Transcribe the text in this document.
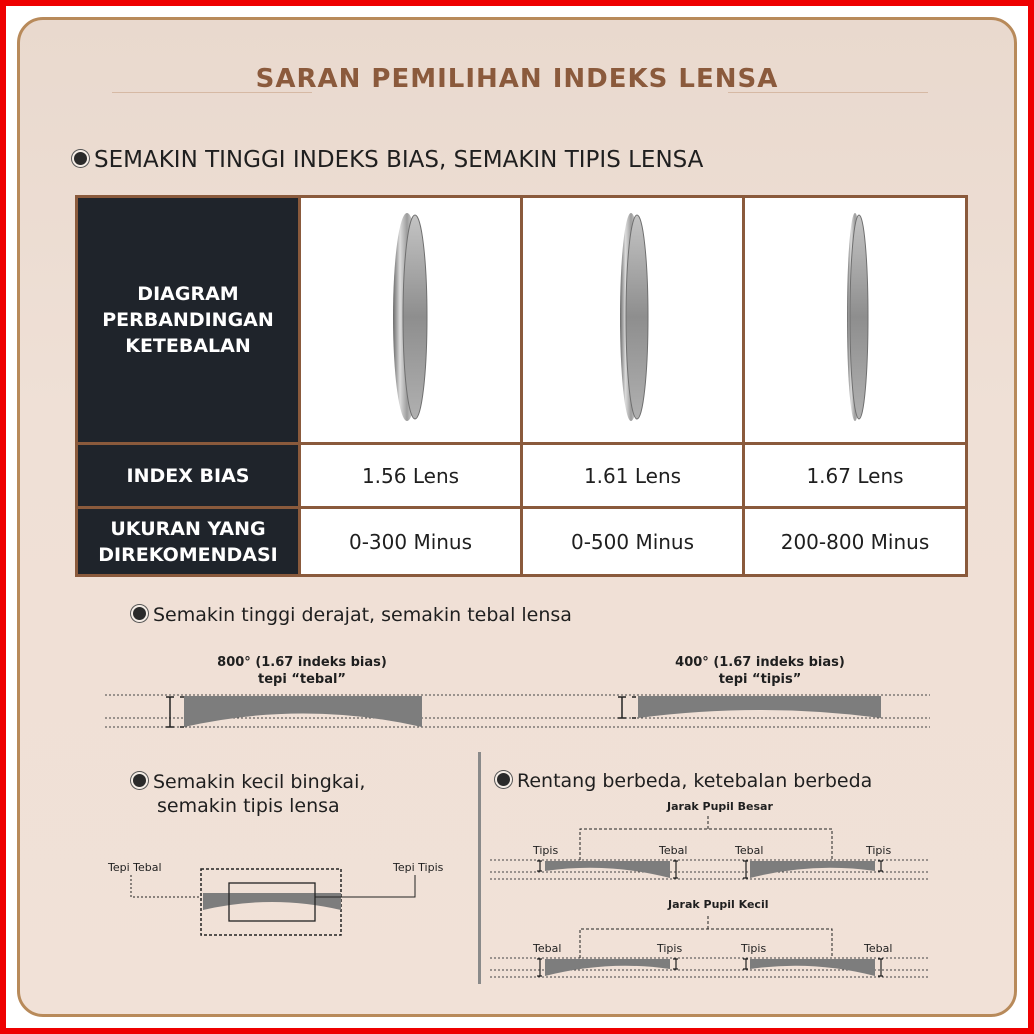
SARAN PEMILIHAN INDEKS LENSA
SEMAKIN TINGGI INDEKS BIAS, SEMAKIN TIPIS LENSA
DIAGRAM
PERBANDINGAN
KETEBALAN

INDEX BIAS	1.56 Lens	1.61 Lens	1.67 Lens

UKURAN YANG
DIREKOMENDASI	0-300 Minus	0-500 Minus	200-800 Minus
Semakin tinggi derajat, semakin tebal lensa
800° (1.67 indeks bias)
tepi “tebal”
400° (1.67 indeks bias)
tepi “tipis”
Semakin kecil bingkai,
semakin tipis lensa
Tepi Tebal	Tepi Tipis
Rentang berbeda, ketebalan berbeda
Jarak Pupil Besar
Tipis	Tebal	Tebal	Tipis
Jarak Pupil Kecil
Tebal	Tipis	Tipis	Tebal
